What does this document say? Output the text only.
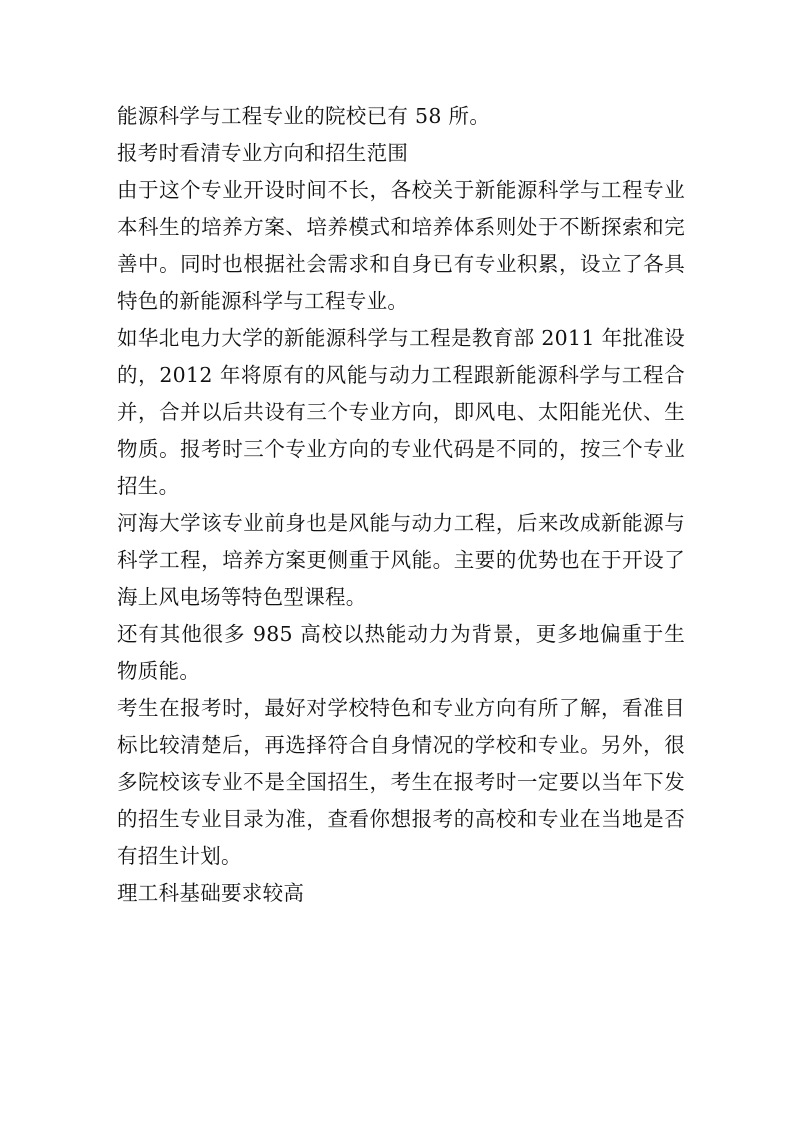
能源科学与工程专业的院校已有 58 所。

报考时看清专业方向和招生范围

由于这个专业开设时间不长，各校关于新能源科学与工程专业本科生的培养方案、培养模式和培养体系则处于不断探索和完善中。同时也根据社会需求和自身已有专业积累，设立了各具特色的新能源科学与工程专业。

如华北电力大学的新能源科学与工程是教育部 2011 年批准设的，2012 年将原有的风能与动力工程跟新能源科学与工程合并，合并以后共设有三个专业方向，即风电、太阳能光伏、生物质。报考时三个专业方向的专业代码是不同的，按三个专业招生。

河海大学该专业前身也是风能与动力工程，后来改成新能源与科学工程，培养方案更侧重于风能。主要的优势也在于开设了海上风电场等特色型课程。

还有其他很多 985 高校以热能动力为背景，更多地偏重于生物质能。

考生在报考时，最好对学校特色和专业方向有所了解，看准目标比较清楚后，再选择符合自身情况的学校和专业。另外，很多院校该专业不是全国招生，考生在报考时一定要以当年下发的招生专业目录为准，查看你想报考的高校和专业在当地是否有招生计划。

理工科基础要求较高
